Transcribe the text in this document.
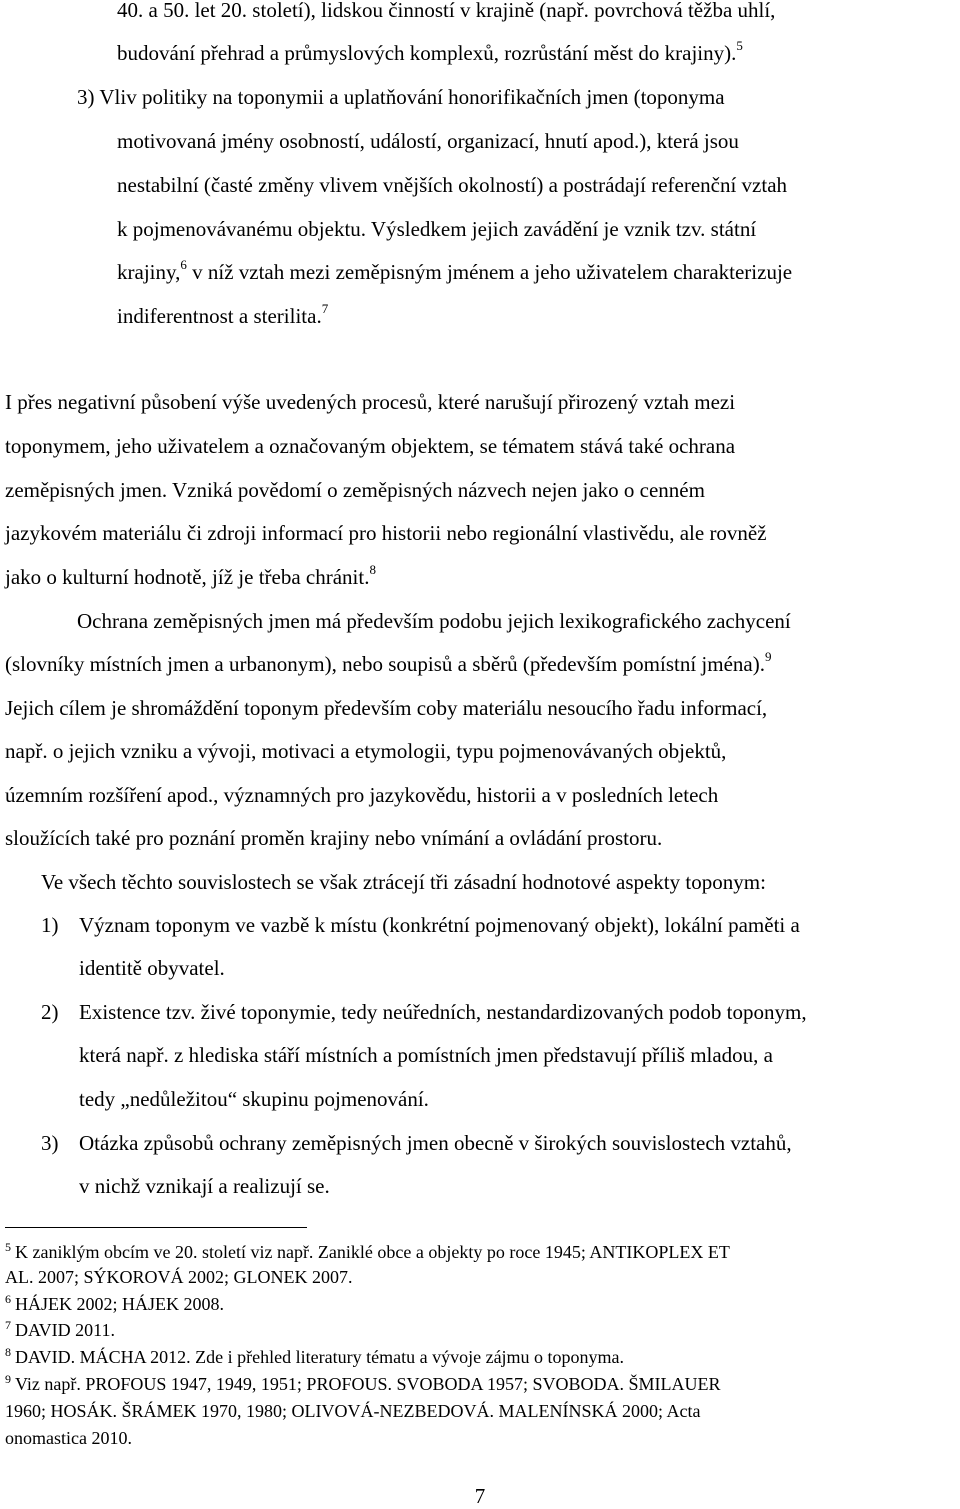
40. a 50. let 20. století), lidskou činností v krajině (např. povrchová těžba uhlí,
budování přehrad a průmyslových komplexů, rozrůstání měst do krajiny).$^5$
3) Vliv politiky na toponymii a uplatňování honorifikačních jmen (toponyma
motivovaná jmény osobností, událostí, organizací, hnutí apod.), která jsou
nestabilní (časté změny vlivem vnějších okolností) a postrádají referenční vztah
k pojmenovávanému objektu. Výsledkem jejich zavádění je vznik tzv. státní
krajiny,$^6$ v níž vztah mezi zeměpisným jménem a jeho uživatelem charakterizuje
indiferentnost a sterilita.$^7$
I přes negativní působení výše uvedených procesů, které narušují přirozený vztah mezi
toponymem, jeho uživatelem a označovaným objektem, se tématem stává také ochrana
zeměpisných jmen. Vzniká povědomí o zeměpisných názvech nejen jako o cenném
jazykovém materiálu či zdroji informací pro historii nebo regionální vlastivědu, ale rovněž
jako o kulturní hodnotě, jíž je třeba chránit.$^8$
Ochrana zeměpisných jmen má především podobu jejich lexikografického zachycení
(slovníky místních jmen a urbanonym), nebo soupisů a sběrů (především pomístní jména).$^9$
Jejich cílem je shromáždění toponym především coby materiálu nesoucího řadu informací,
např. o jejich vzniku a vývoji, motivaci a etymologii, typu pojmenovávaných objektů,
územním rozšíření apod., významných pro jazykovědu, historii a v posledních letech
sloužících také pro poznání proměn krajiny nebo vnímání a ovládání prostoru.
Ve všech těchto souvislostech se však ztrácejí tři zásadní hodnotové aspekty toponym:
1) Význam toponym ve vazbě k místu (konkrétní pojmenovaný objekt), lokální paměti a
identitě obyvatel.
2) Existence tzv. živé toponymie, tedy neúředních, nestandardizovaných podob toponym,
která např. z hlediska stáří místních a pomístních jmen představují příliš mladou, a
tedy „nedůležitou“ skupinu pojmenování.
3) Otázka způsobů ochrany zeměpisných jmen obecně v širokých souvislostech vztahů,
v nichž vznikají a realizují se.
$^5$ K zaniklým obcím ve 20. století viz např. Zaniklé obce a objekty po roce 1945; ANTIKOPLEX ET
AL. 2007; SÝKOROVÁ 2002; GLONEK 2007.
$^6$ HÁJEK 2002; HÁJEK 2008.
$^7$ DAVID 2011.
$^8$ DAVID. MÁCHA 2012. Zde i přehled literatury tématu a vývoje zájmu o toponyma.
$^9$ Viz např. PROFOUS 1947, 1949, 1951; PROFOUS. SVOBODA 1957; SVOBODA. ŠMILAUER
1960; HOSÁK. ŠRÁMEK 1970, 1980; OLIVOVÁ-NEZBEDOVÁ. MALENÍNSKÁ 2000; Acta
onomastica 2010.
7
